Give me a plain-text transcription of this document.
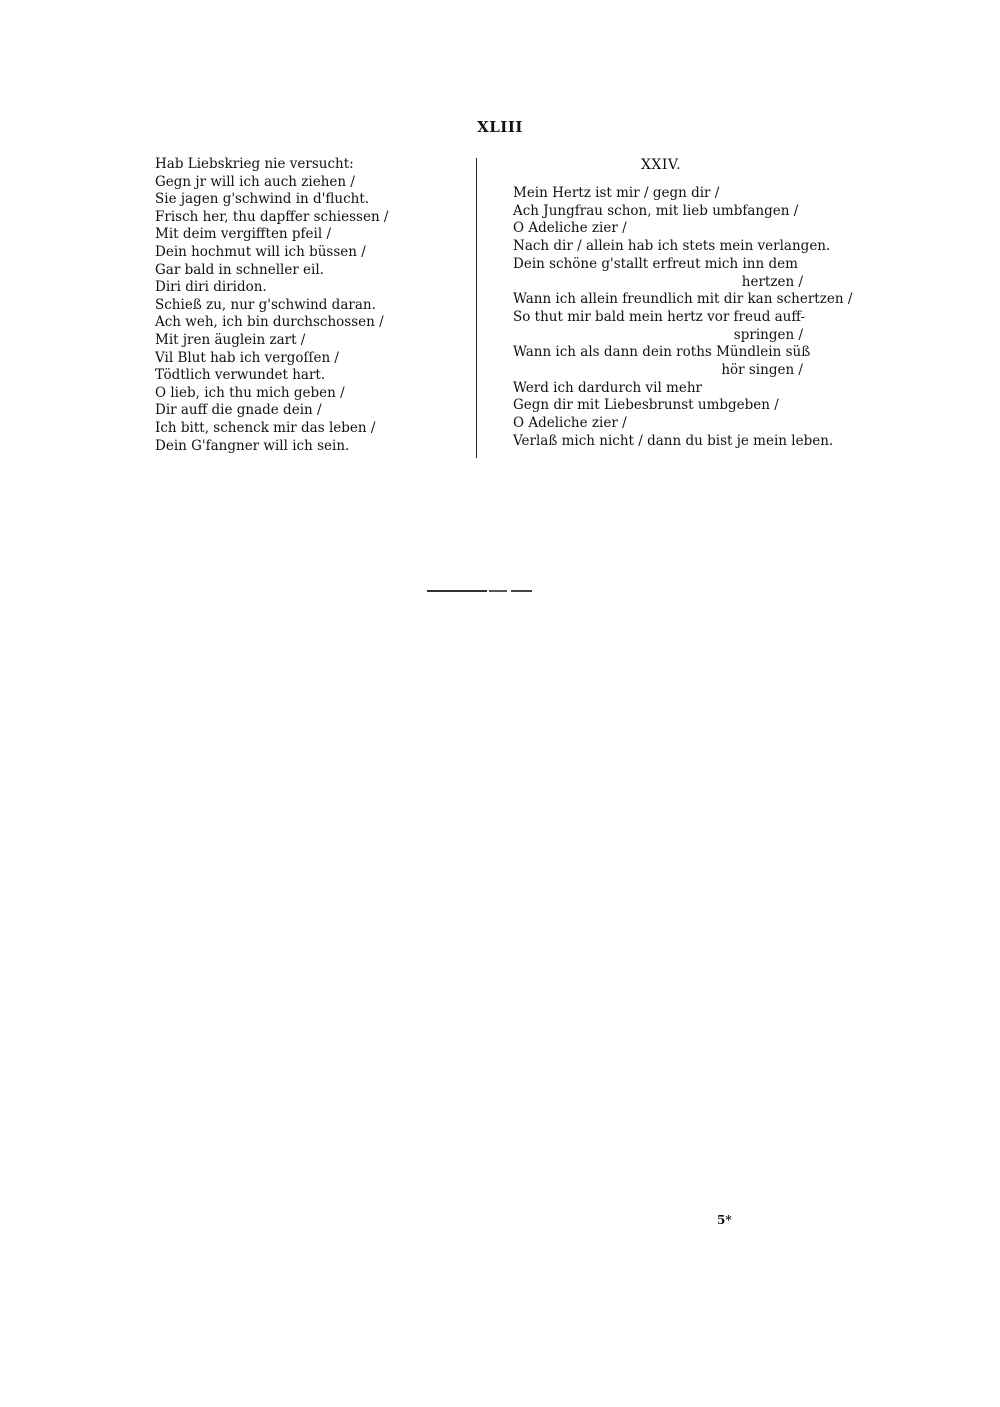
XLIII
Hab Liebskrieg nie versucht:
Gegn jr will ich auch ziehen /
Sie jagen g'schwind in d'flucht.
Frisch her, thu dapffer schiessen /
Mit deim vergifften pfeil /
Dein hochmut will ich büssen /
Gar bald in schneller eil.
Diri diri diridon.
Schieß zu, nur g'schwind daran.
Ach weh, ich bin durchschossen /
Mit jren äuglein zart /
Vil Blut hab ich vergoſſen /
Tödtlich verwundet hart.
O lieb, ich thu mich geben /
Dir auff die gnade dein /
Ich bitt, schenck mir das leben /
Dein G'fangner will ich sein.
XXIV.
Mein Hertz ist mir / gegn dir /
Ach Jungfrau schon, mit lieb umbfangen /
O Adeliche zier /
Nach dir / allein hab ich stets mein verlangen.
Dein schöne g'stallt erfreut mich inn dem
hertzen /
Wann ich allein freundlich mit dir kan schertzen /
So thut mir bald mein hertz vor freud auff-
springen /
Wann ich als dann dein roths Mündlein süß
hör singen /
Werd ich dardurch vil mehr
Gegn dir mit Liebesbrunst umbgeben /
O Adeliche zier /
Verlaß mich nicht / dann du bist je mein leben.
5*
